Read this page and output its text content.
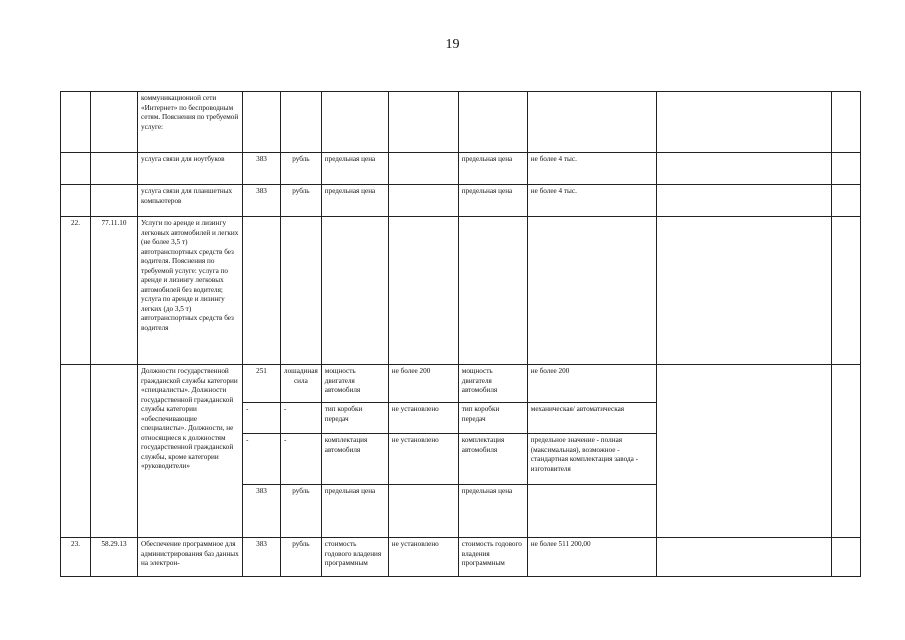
19
		коммуникационной сети «Интернет» по беспроводным сетям. Пояснения по требуемой услуге:								
		услуга связи для ноутбуков	383	рубль	предельная цена		предельная цена	не более 4 тыс.		
		услуга связи для планшетных компьютеров	383	рубль	предельная цена		предельная цена	не более 4 тыс.		
22.	77.11.10	Услуги по аренде и лизингу легковых автомобилей и легких (не более 3,5 т) автотранспортных средств без водителя. Пояснения по требуемой услуге: услуга по аренде и лизингу легковых автомобилей без водителя; услуга по аренде и лизингу легких (до 3,5 т) автотранспортных средств без водителя								
		Должности государственной гражданской службы категории «специалисты». Должности государственной гражданской службы категории «обеспечивающие специалисты». Должности, не относящиеся к должностям государственной гражданской службы, кроме категории «руководители»	251	лошадиная сила	мощность двигателя автомобиля	не более 200	мощность двигателя автомобиля	не более 200		
			-	-	тип коробки передач	не установлено	тип коробки передач	механическая/ автоматическая		
			-	-	комплектация автомобиля	не установлено	комплектация автомобиля	предельное значение - полная (максимальная), возможное - стандартная комплектация завода - изготовителя		
			383	рубль	предельная цена		предельная цена			
23.	58.29.13	Обеспечение программное для администрирования баз данных на электрон-	383	рубль	стоимость годового владения программным	не установлено	стоимость годового владения программным	не более 511 200,00		
